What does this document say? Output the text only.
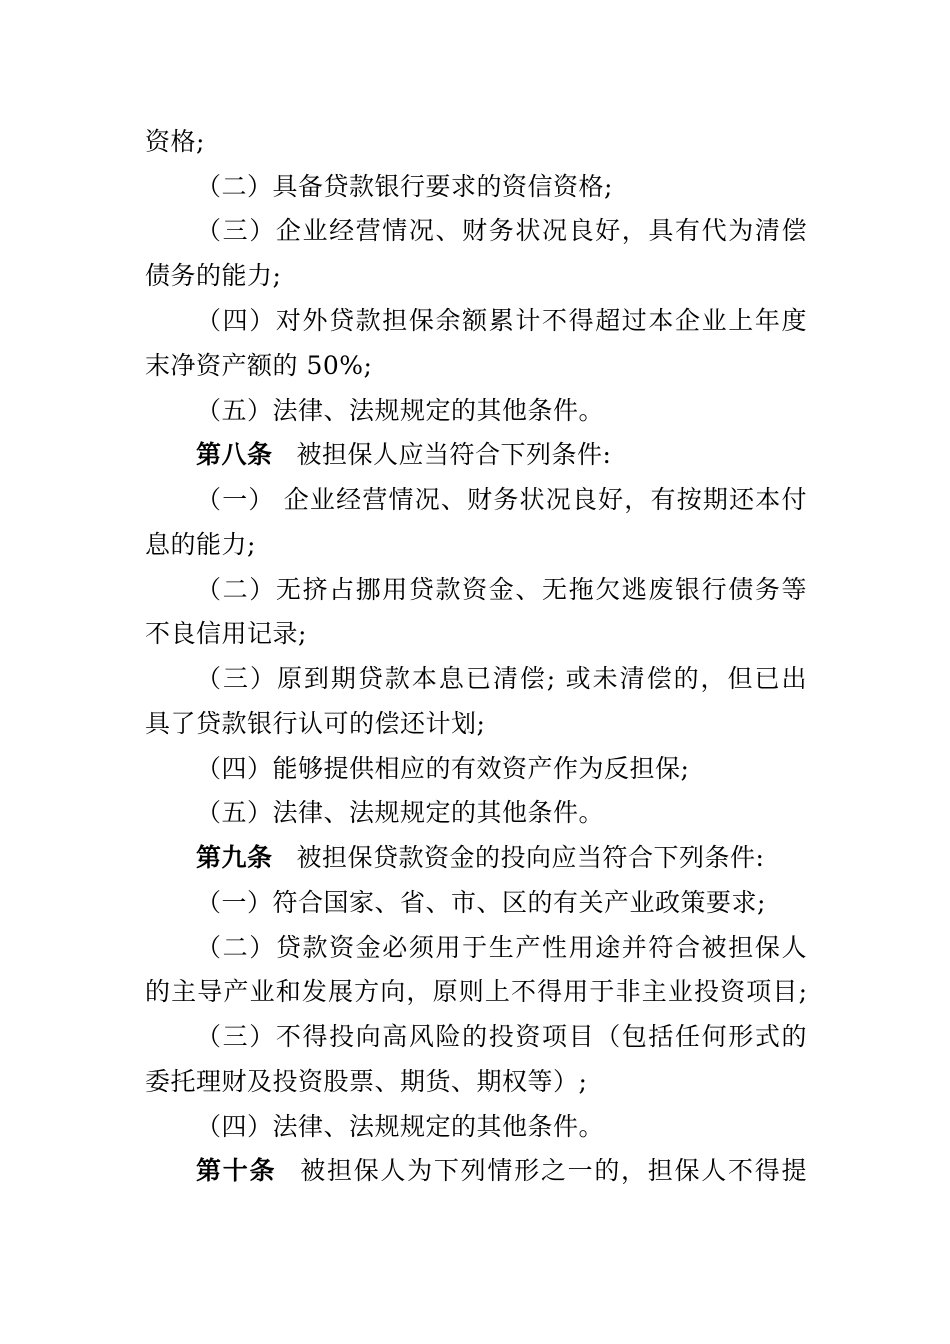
资格;
（二）具备贷款银行要求的资信资格;
（三）企业经营情况、财务状况良好，具有代为清偿
债务的能力;
（四）对外贷款担保余额累计不得超过本企业上年度
末净资产额的 50%;
（五）法律、法规规定的其他条件。
第八条 被担保人应当符合下列条件:
（一） 企业经营情况、财务状况良好，有按期还本付
息的能力;
（二）无挤占挪用贷款资金、无拖欠逃废银行债务等
不良信用记录;
（三）原到期贷款本息已清偿; 或未清偿的，但已出
具了贷款银行认可的偿还计划;
（四）能够提供相应的有效资产作为反担保;
（五）法律、法规规定的其他条件。
第九条 被担保贷款资金的投向应当符合下列条件:
（一）符合国家、省、市、区的有关产业政策要求;
（二）贷款资金必须用于生产性用途并符合被担保人
的主导产业和发展方向，原则上不得用于非主业投资项目;
（三）不得投向高风险的投资项目（包括任何形式的
委托理财及投资股票、期货、期权等）;
（四）法律、法规规定的其他条件。
第十条 被担保人为下列情形之一的，担保人不得提
